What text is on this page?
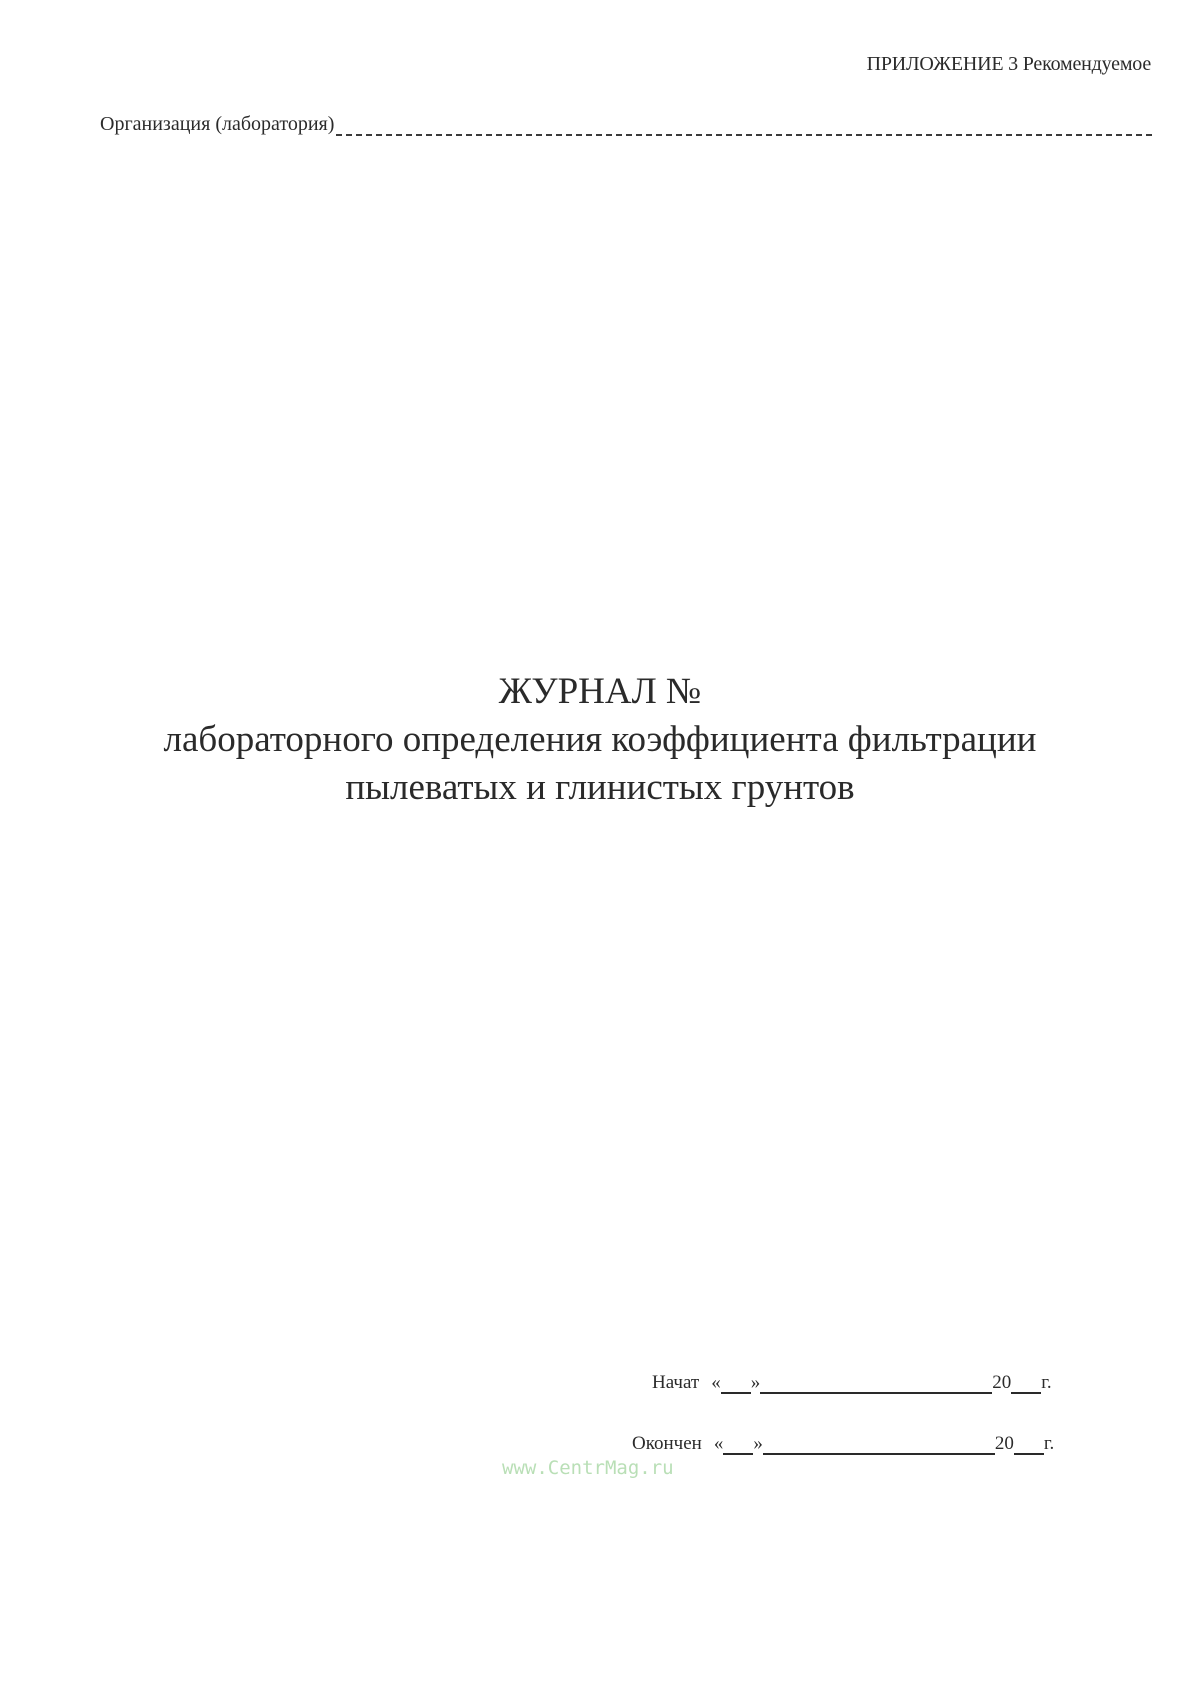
ПРИЛОЖЕНИЕ 3 Рекомендуемое
Организация (лаборатория)
ЖУРНАЛ №
лабораторного определения коэффициента фильтрации
пылеватых и глинистых грунтов
Начат « »	20 г.
Окончен « »	20 г.
www.CentrMag.ru
